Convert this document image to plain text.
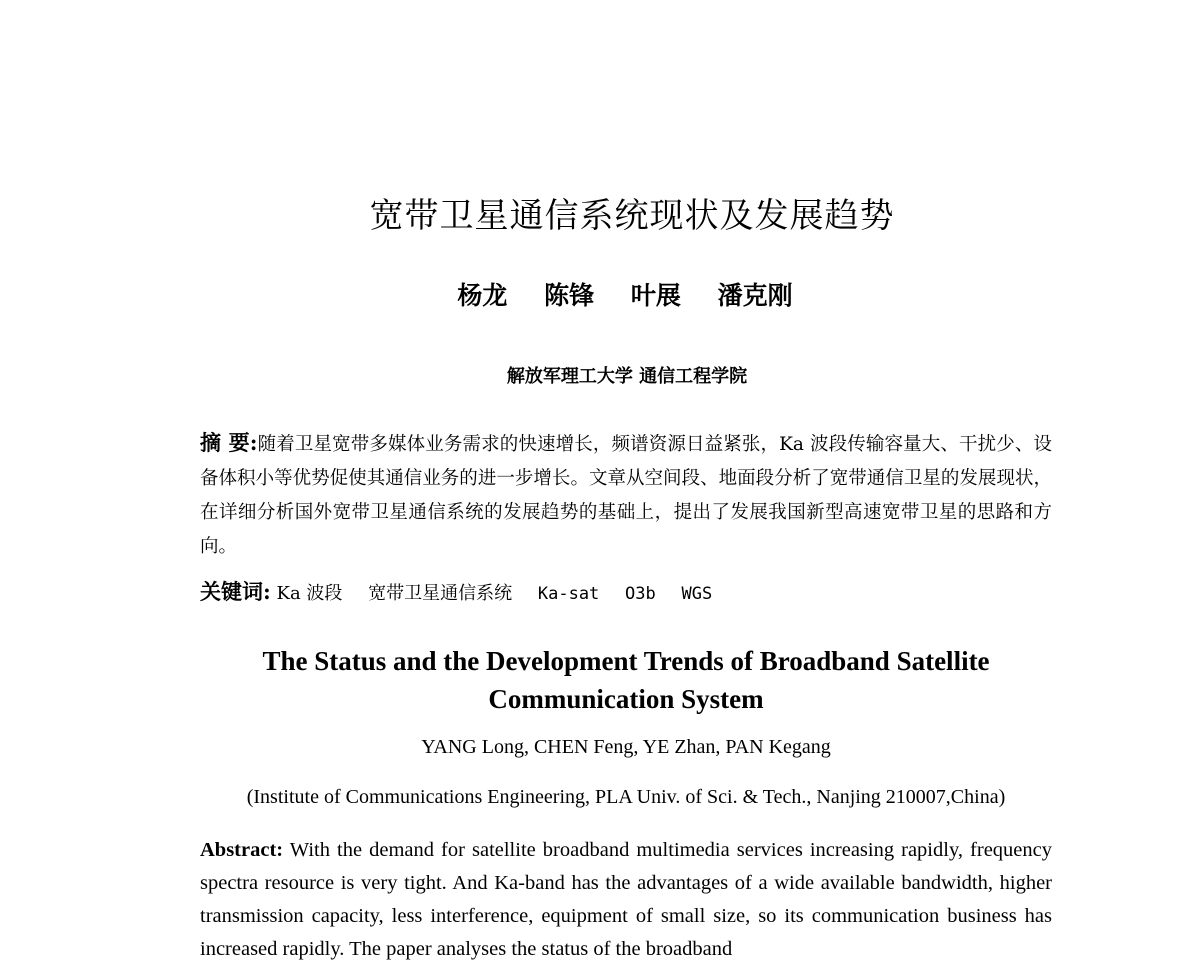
宽带卫星通信系统现状及发展趋势
杨龙 陈锋 叶展 潘克刚
解放军理工大学 通信工程学院
摘 要:随着卫星宽带多媒体业务需求的快速增长，频谱资源日益紧张，Ka 波段传输容量大、干扰少、设备体积小等优势促使其通信业务的进一步增长。文章从空间段、地面段分析了宽带通信卫星的发展现状，在详细分析国外宽带卫星通信系统的发展趋势的基础上，提出了发展我国新型高速宽带卫星的思路和方向。
关键词: Ka 波段 宽带卫星通信系统 Ka-sat O3b WGS
The Status and the Development Trends of Broadband Satellite
Communication System
YANG Long, CHEN Feng, YE Zhan, PAN Kegang
(Institute of Communications Engineering, PLA Univ. of Sci. & Tech., Nanjing 210007,China)
Abstract: With the demand for satellite broadband multimedia services increasing rapidly, frequency spectra resource is very tight. And Ka-band has the advantages of a wide available bandwidth, higher transmission capacity, less interference, equipment of small size, so its communication business has increased rapidly. The paper analyses the status of the broadband
